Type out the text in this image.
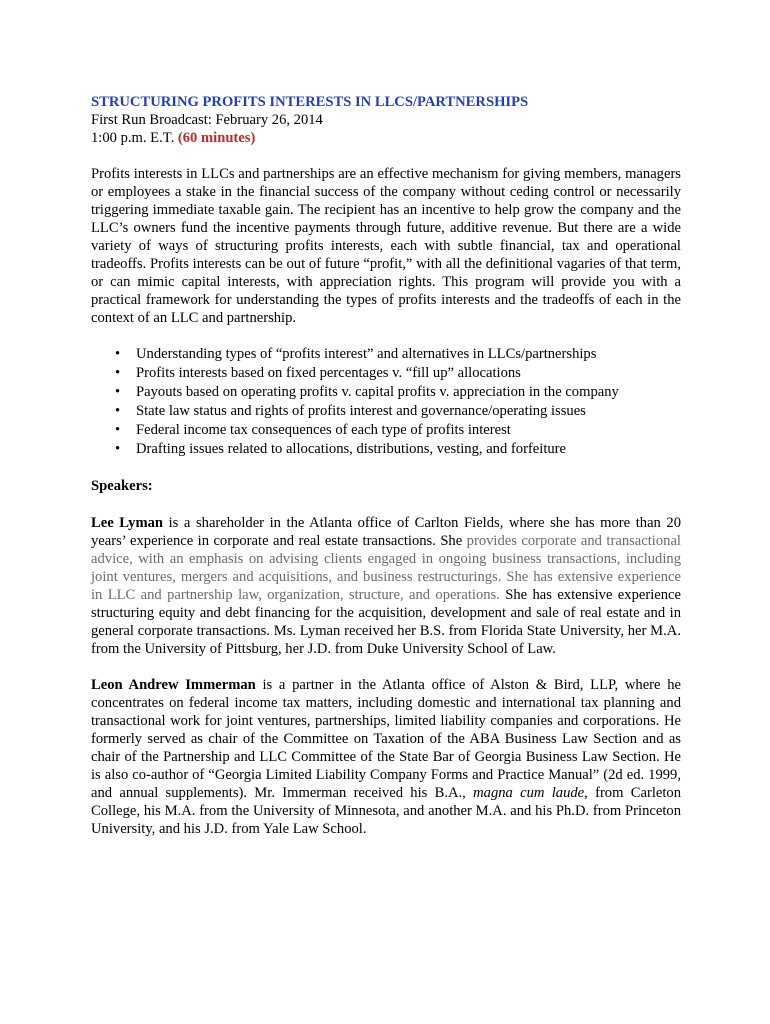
STRUCTURING PROFITS INTERESTS IN LLCS/PARTNERSHIPS

First Run Broadcast: February 26, 2014

1:00 p.m. E.T. (60 minutes)

Profits interests in LLCs and partnerships are an effective mechanism for giving members, managers or employees a stake in the financial success of the company without ceding control or necessarily triggering immediate taxable gain. The recipient has an incentive to help grow the company and the LLC’s owners fund the incentive payments through future, additive revenue. But there are a wide variety of ways of structuring profits interests, each with subtle financial, tax and operational tradeoffs. Profits interests can be out of future “profit,” with all the definitional vagaries of that term, or can mimic capital interests, with appreciation rights. This program will provide you with a practical framework for understanding the types of profits interests and the tradeoffs of each in the context of an LLC and partnership.

• Understanding types of “profits interest” and alternatives in LLCs/partnerships
• Profits interests based on fixed percentages v. “fill up” allocations
• Payouts based on operating profits v. capital profits v. appreciation in the company
• State law status and rights of profits interest and governance/operating issues
• Federal income tax consequences of each type of profits interest
• Drafting issues related to allocations, distributions, vesting, and forfeiture

Speakers:

Lee Lyman is a shareholder in the Atlanta office of Carlton Fields, where she has more than 20 years’ experience in corporate and real estate transactions. She provides corporate and transactional advice, with an emphasis on advising clients engaged in ongoing business transactions, including joint ventures, mergers and acquisitions, and business restructurings. She has extensive experience in LLC and partnership law, organization, structure, and operations. She has extensive experience structuring equity and debt financing for the acquisition, development and sale of real estate and in general corporate transactions. Ms. Lyman received her B.S. from Florida State University, her M.A. from the University of Pittsburg, her J.D. from Duke University School of Law.

Leon Andrew Immerman is a partner in the Atlanta office of Alston & Bird, LLP, where he concentrates on federal income tax matters, including domestic and international tax planning and transactional work for joint ventures, partnerships, limited liability companies and corporations. He formerly served as chair of the Committee on Taxation of the ABA Business Law Section and as chair of the Partnership and LLC Committee of the State Bar of Georgia Business Law Section. He is also co-author of “Georgia Limited Liability Company Forms and Practice Manual” (2d ed. 1999, and annual supplements). Mr. Immerman received his B.A., magna cum laude, from Carleton College, his M.A. from the University of Minnesota, and another M.A. and his Ph.D. from Princeton University, and his J.D. from Yale Law School.
